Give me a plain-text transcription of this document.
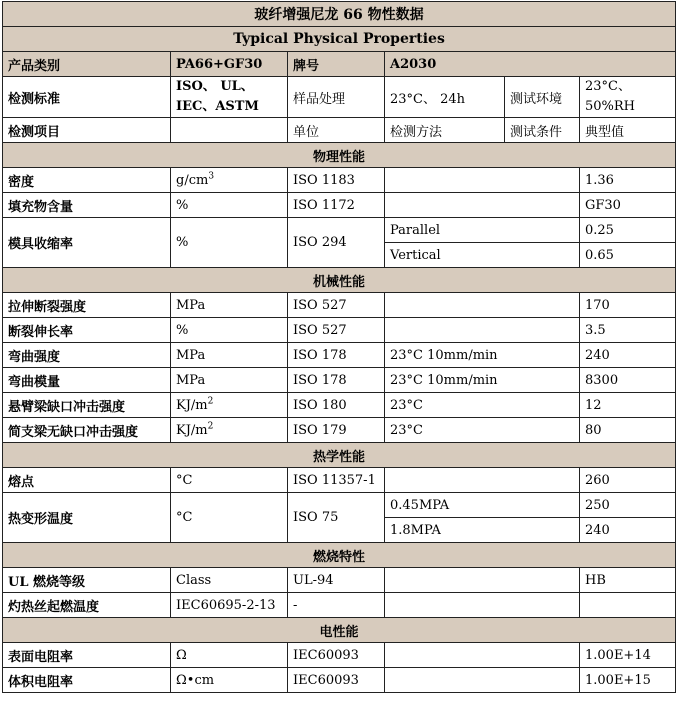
玻纤增强尼龙 66 物性数据					
Typical Physical Properties					
产品类别	PA66+GF30	牌号	A2030		
检测标准	ISO、 UL、 IEC、ASTM	样品处理	23°C、 24h	测试环境	23°C、50%RH
检测项目		单位	检测方法	测试条件	典型值
物理性能					
密度	$g/cm^3$	ISO 1183			1.36
填充物含量	%	ISO 1172			GF30
模具收缩率	%	ISO 294	Parallel		0.25
			Vertical		0.65
机械性能					
拉伸断裂强度	MPa	ISO 527			170
断裂伸长率	%	ISO 527			3.5
弯曲强度	MPa	ISO 178	23°C 10mm/min		240
弯曲模量	MPa	ISO 178	23°C 10mm/min		8300
悬臂梁缺口冲击强度	$KJ/m^2$	ISO 180	23°C		12
简支梁无缺口冲击强度	$KJ/m^2$	ISO 179	23°C		80
热学性能					
熔点	°C	ISO 11357-1			260
热变形温度	°C	ISO 75	0.45MPA		250
			1.8MPA		240
燃烧特性					
UL 燃烧等级	Class	UL-94			HB
灼热丝起燃温度	IEC60695-2-13	-			
电性能					
表面电阻率	Ω	IEC60093			1.00E+14
体积电阻率	Ω•cm	IEC60093			1.00E+15
